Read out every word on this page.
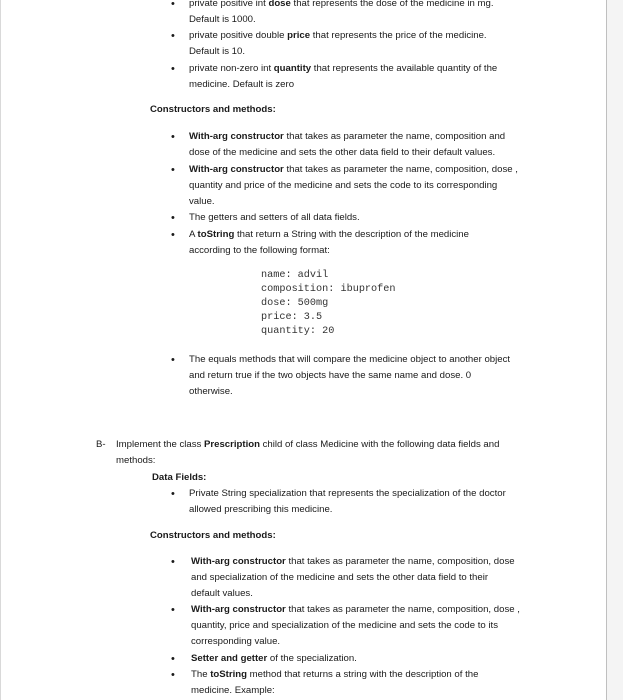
• private positive int dose that represents the dose of the medicine in mg.
Default is 1000.
• private positive double price that represents the price of the medicine.
Default is 10.
• private non-zero int quantity that represents the available quantity of the
medicine. Default is zero
Constructors and methods:
• With-arg constructor that takes as parameter the name, composition and
dose of the medicine and sets the other data field to their default values.
• With-arg constructor that takes as parameter the name, composition, dose ,
quantity and price of the medicine and sets the code to its corresponding
value.
• The getters and setters of all data fields.
• A toString that return a String with the description of the medicine
according to the following format:
name: advil
composition: ibuprofen
dose: 500mg
price: 3.5
quantity: 20
• The equals methods that will compare the medicine object to another object
and return true if the two objects have the same name and dose. 0
otherwise.
B- Implement the class Prescription child of class Medicine with the following data fields and
methods:
Data Fields:
• Private String specialization that represents the specialization of the doctor
allowed prescribing this medicine.
Constructors and methods:
• With-arg constructor that takes as parameter the name, composition, dose
and specialization of the medicine and sets the other data field to their
default values.
• With-arg constructor that takes as parameter the name, composition, dose ,
quantity, price and specialization of the medicine and sets the code to its
corresponding value.
• Setter and getter of the specialization.
• The toString method that returns a string with the description of the
medicine. Example:
